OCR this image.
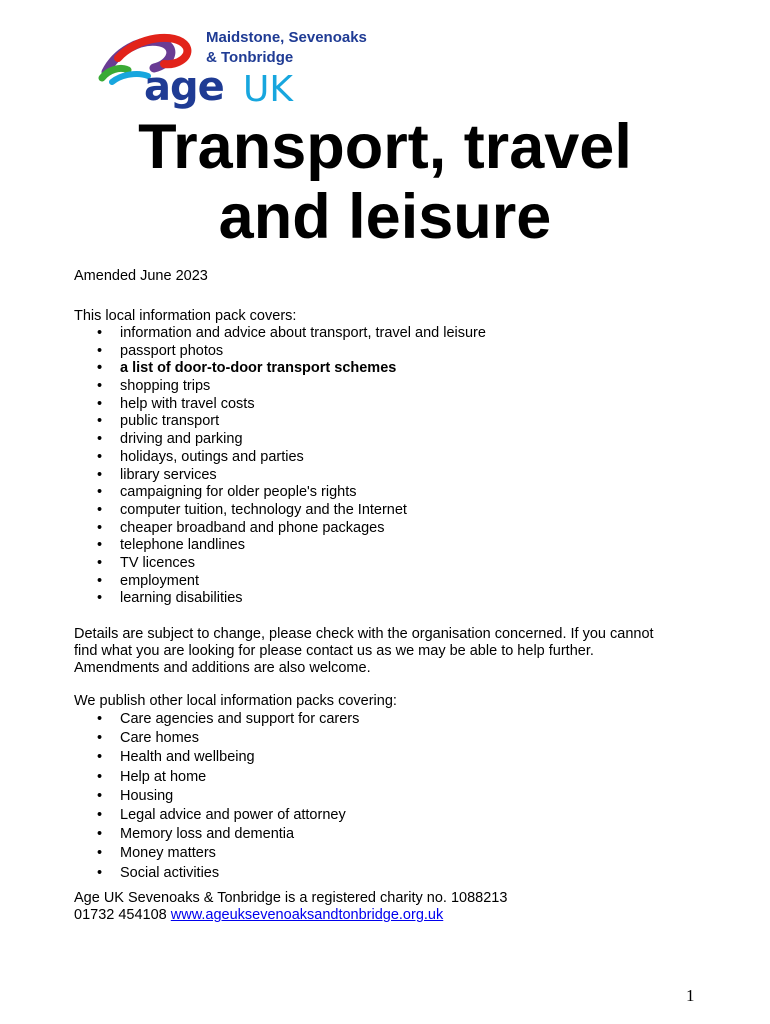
Maidstone, Sevenoaks
& Tonbridge
age UK
Transport, travel
and leisure
Amended June 2023
This local information pack covers:
• information and advice about transport, travel and leisure
• passport photos
• a list of door-to-door transport schemes
• shopping trips
• help with travel costs
• public transport
• driving and parking
• holidays, outings and parties
• library services
• campaigning for older people's rights
• computer tuition, technology and the Internet
• cheaper broadband and phone packages
• telephone landlines
• TV licences
• employment
• learning disabilities
Details are subject to change, please check with the organisation concerned. If you cannot
find what you are looking for please contact us as we may be able to help further.
Amendments and additions are also welcome.
We publish other local information packs covering:
• Care agencies and support for carers
• Care homes
• Health and wellbeing
• Help at home
• Housing
• Legal advice and power of attorney
• Memory loss and dementia
• Money matters
• Social activities
Age UK Sevenoaks & Tonbridge is a registered charity no. 1088213
01732 454108 www.ageuksevenoaksandtonbridge.org.uk
1
